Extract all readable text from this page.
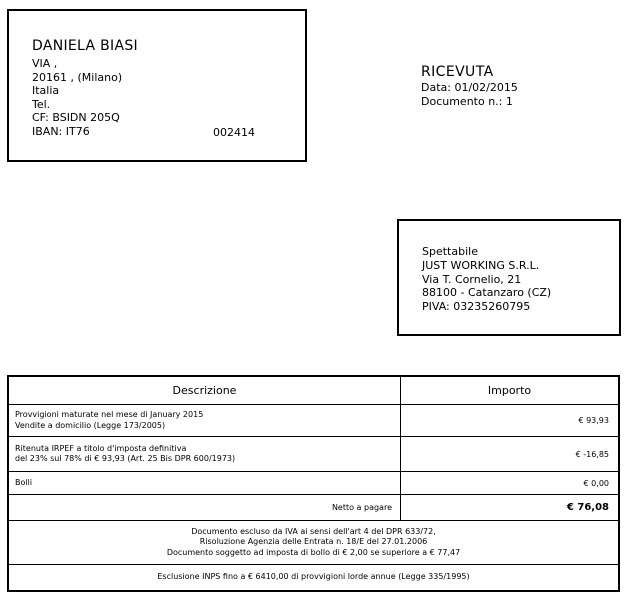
DANIELA BIASI
VIA ,
20161 , (Milano)
Italia
Tel.
CF: BSIDN 205Q
IBAN: IT76	002414
RICEVUTA
Data: 01/02/2015
Documento n.: 1
Spettabile
JUST WORKING S.R.L.
Via T. Cornelio, 21
88100 - Catanzaro (CZ)
PIVA: 03235260795
Descrizione	Importo
Provvigioni maturate nel mese di January 2015
Vendite a domicilio (Legge 173/2005)	€ 93,93
Ritenuta IRPEF a titolo d'imposta definitiva
del 23% sul 78% di € 93,93 (Art. 25 Bis DPR 600/1973)	€ -16,85
Bolli	€ 0,00
Netto a pagare	€ 76,08
Documento escluso da IVA ai sensi dell'art 4 del DPR 633/72,
Risoluzione Agenzia delle Entrata n. 18/E del 27.01.2006
Documento soggetto ad imposta di bollo di € 2,00 se superiore a € 77,47
Esclusione INPS fino a € 6410,00 di provvigioni lorde annue (Legge 335/1995)
